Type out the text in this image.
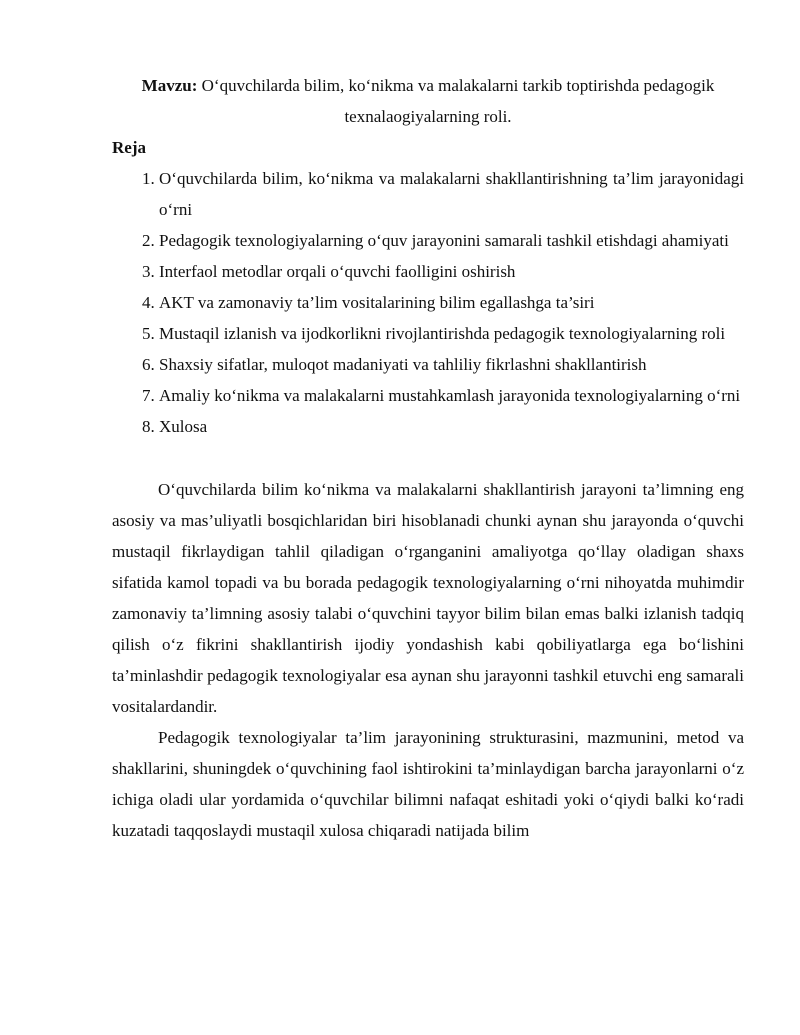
Mavzu: O‘quvchilarda bilim, ko‘nikma va malakalarni tarkib toptirishda pedagogik texnalaogiyalarning roli.

Reja

1. O‘quvchilarda bilim, ko‘nikma va malakalarni shakllantirishning ta’lim jarayonidagi o‘rni
2. Pedagogik texnologiyalarning o‘quv jarayonini samarali tashkil etishdagi ahamiyati
3. Interfaol metodlar orqali o‘quvchi faolligini oshirish
4. AKT va zamonaviy ta’lim vositalarining bilim egallashga ta’siri
5. Mustaqil izlanish va ijodkorlikni rivojlantirishda pedagogik texnologiyalarning roli
6. Shaxsiy sifatlar, muloqot madaniyati va tahliliy fikrlashni shakllantirish
7. Amaliy ko‘nikma va malakalarni mustahkamlash jarayonida texnologiyalarning o‘rni
8. Xulosa

O‘quvchilarda bilim ko‘nikma va malakalarni shakllantirish jarayoni ta’limning eng asosiy va mas’uliyatli bosqichlaridan biri hisoblanadi chunki aynan shu jarayonda o‘quvchi mustaqil fikrlaydigan tahlil qiladigan o‘rganganini amaliyotga qo‘llay oladigan shaxs sifatida kamol topadi va bu borada pedagogik texnologiyalarning o‘rni nihoyatda muhimdir zamonaviy ta’limning asosiy talabi o‘quvchini tayyor bilim bilan emas balki izlanish tadqiq qilish o‘z fikrini shakllantirish ijodiy yondashish kabi qobiliyatlarga ega bo‘lishini ta’minlashdir pedagogik texnologiyalar esa aynan shu jarayonni tashkil etuvchi eng samarali vositalardandir.

Pedagogik texnologiyalar ta’lim jarayonining strukturasini, mazmunini, metod va shakllarini, shuningdek o‘quvchining faol ishtirokini ta’minlaydigan barcha jarayonlarni o‘z ichiga oladi ular yordamida o‘quvchilar bilimni nafaqat eshitadi yoki o‘qiydi balki ko‘radi kuzatadi taqqoslaydi mustaqil xulosa chiqaradi natijada bilim
